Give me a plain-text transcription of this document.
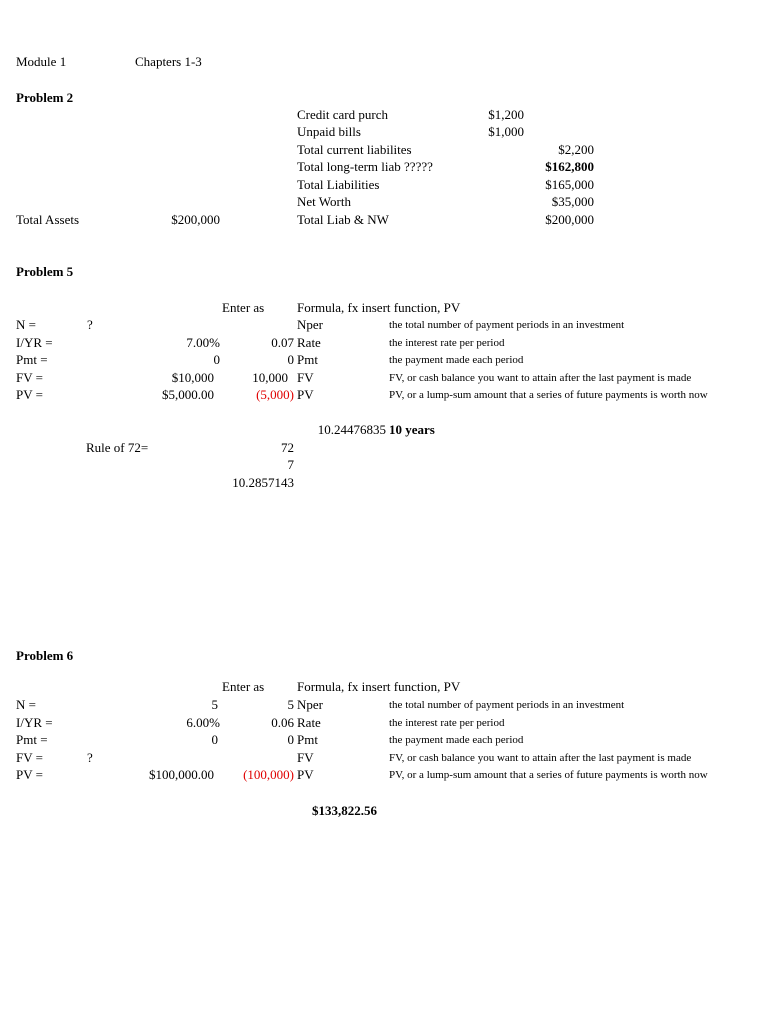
Module 1	Chapters 1-3
Problem 2
Credit card purch	$1,200
Unpaid bills	$1,000
Total current liabilites	$2,200
Total long-term liab ?????	$162,800
Total Liabilities	$165,000
Net Worth	$35,000
Total Assets	$200,000	Total Liab & NW	$200,000
Problem 5
Enter as	Formula, fx insert function, PV
N =	?	Nper	the total number of payment periods in an investment
I/YR =	7.00%	0.07 Rate	the interest rate per period
Pmt =	0	0 Pmt	the payment made each period
FV =	$10,000	10,000 FV	FV, or cash balance you want to attain after the last payment is made
PV =	$5,000.00	(5,000) PV	PV, or a lump-sum amount that a series of future payments is worth now
10.24476835 10 years
Rule of 72=	72
7
10.2857143
Problem 6
Enter as	Formula, fx insert function, PV
N =	5	5 Nper	the total number of payment periods in an investment
I/YR =	6.00%	0.06 Rate	the interest rate per period
Pmt =	0	0 Pmt	the payment made each period
FV =	?	FV	FV, or cash balance you want to attain after the last payment is made
PV =	$100,000.00	(100,000) PV	PV, or a lump-sum amount that a series of future payments is worth now
$133,822.56
